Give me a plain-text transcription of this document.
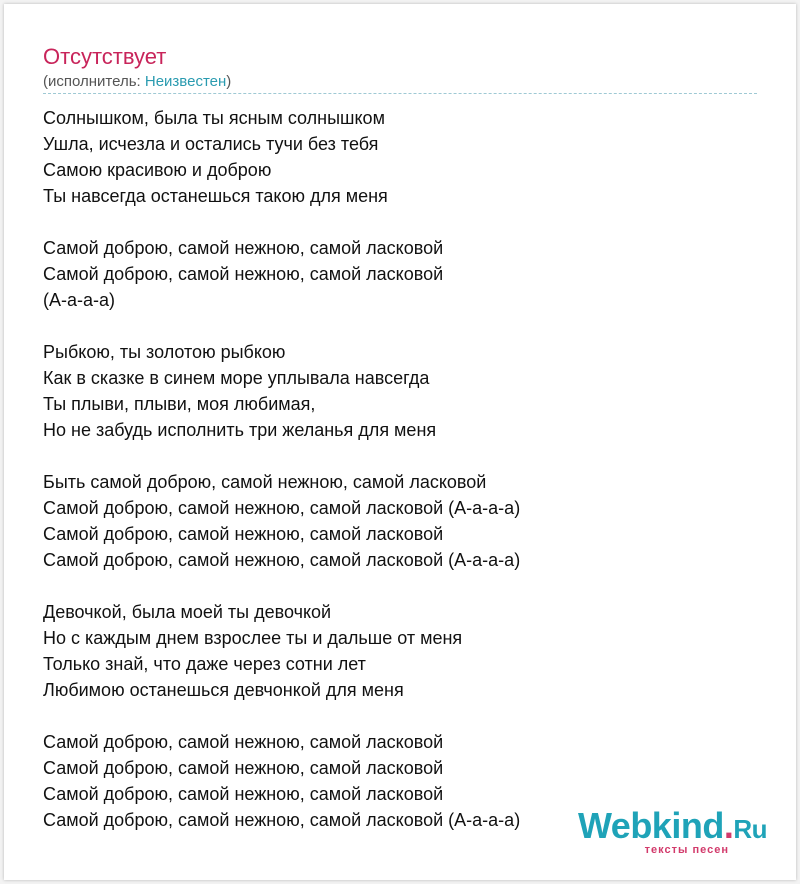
Отсутствует
(исполнитель: Неизвестен)
Солнышком, была ты ясным солнышком
Ушла, исчезла и остались тучи без тебя
Самою красивою и доброю
Ты навсегда останешься такою для меня
Самой доброю, самой нежною, самой ласковой
Самой доброю, самой нежною, самой ласковой
(А-а-а-а)
Рыбкою, ты золотою рыбкою
Как в сказке в синем море уплывала навсегда
Ты плыви, плыви, моя любимая,
Но не забудь исполнить три желанья для меня
Быть самой доброю, самой нежною, самой ласковой
Самой доброю, самой нежною, самой ласковой (А-а-а-а)
Самой доброю, самой нежною, самой ласковой
Самой доброю, самой нежною, самой ласковой (А-а-а-а)
Девочкой, была моей ты девочкой
Но с каждым днем взрослее ты и дальше от меня
Только знай, что даже через сотни лет
Любимою останешься девчонкой для меня
Самой доброю, самой нежною, самой ласковой
Самой доброю, самой нежною, самой ласковой
Самой доброю, самой нежною, самой ласковой
Самой доброю, самой нежною, самой ласковой (А-а-а-а)	Webkind.Ru
тексты песен
